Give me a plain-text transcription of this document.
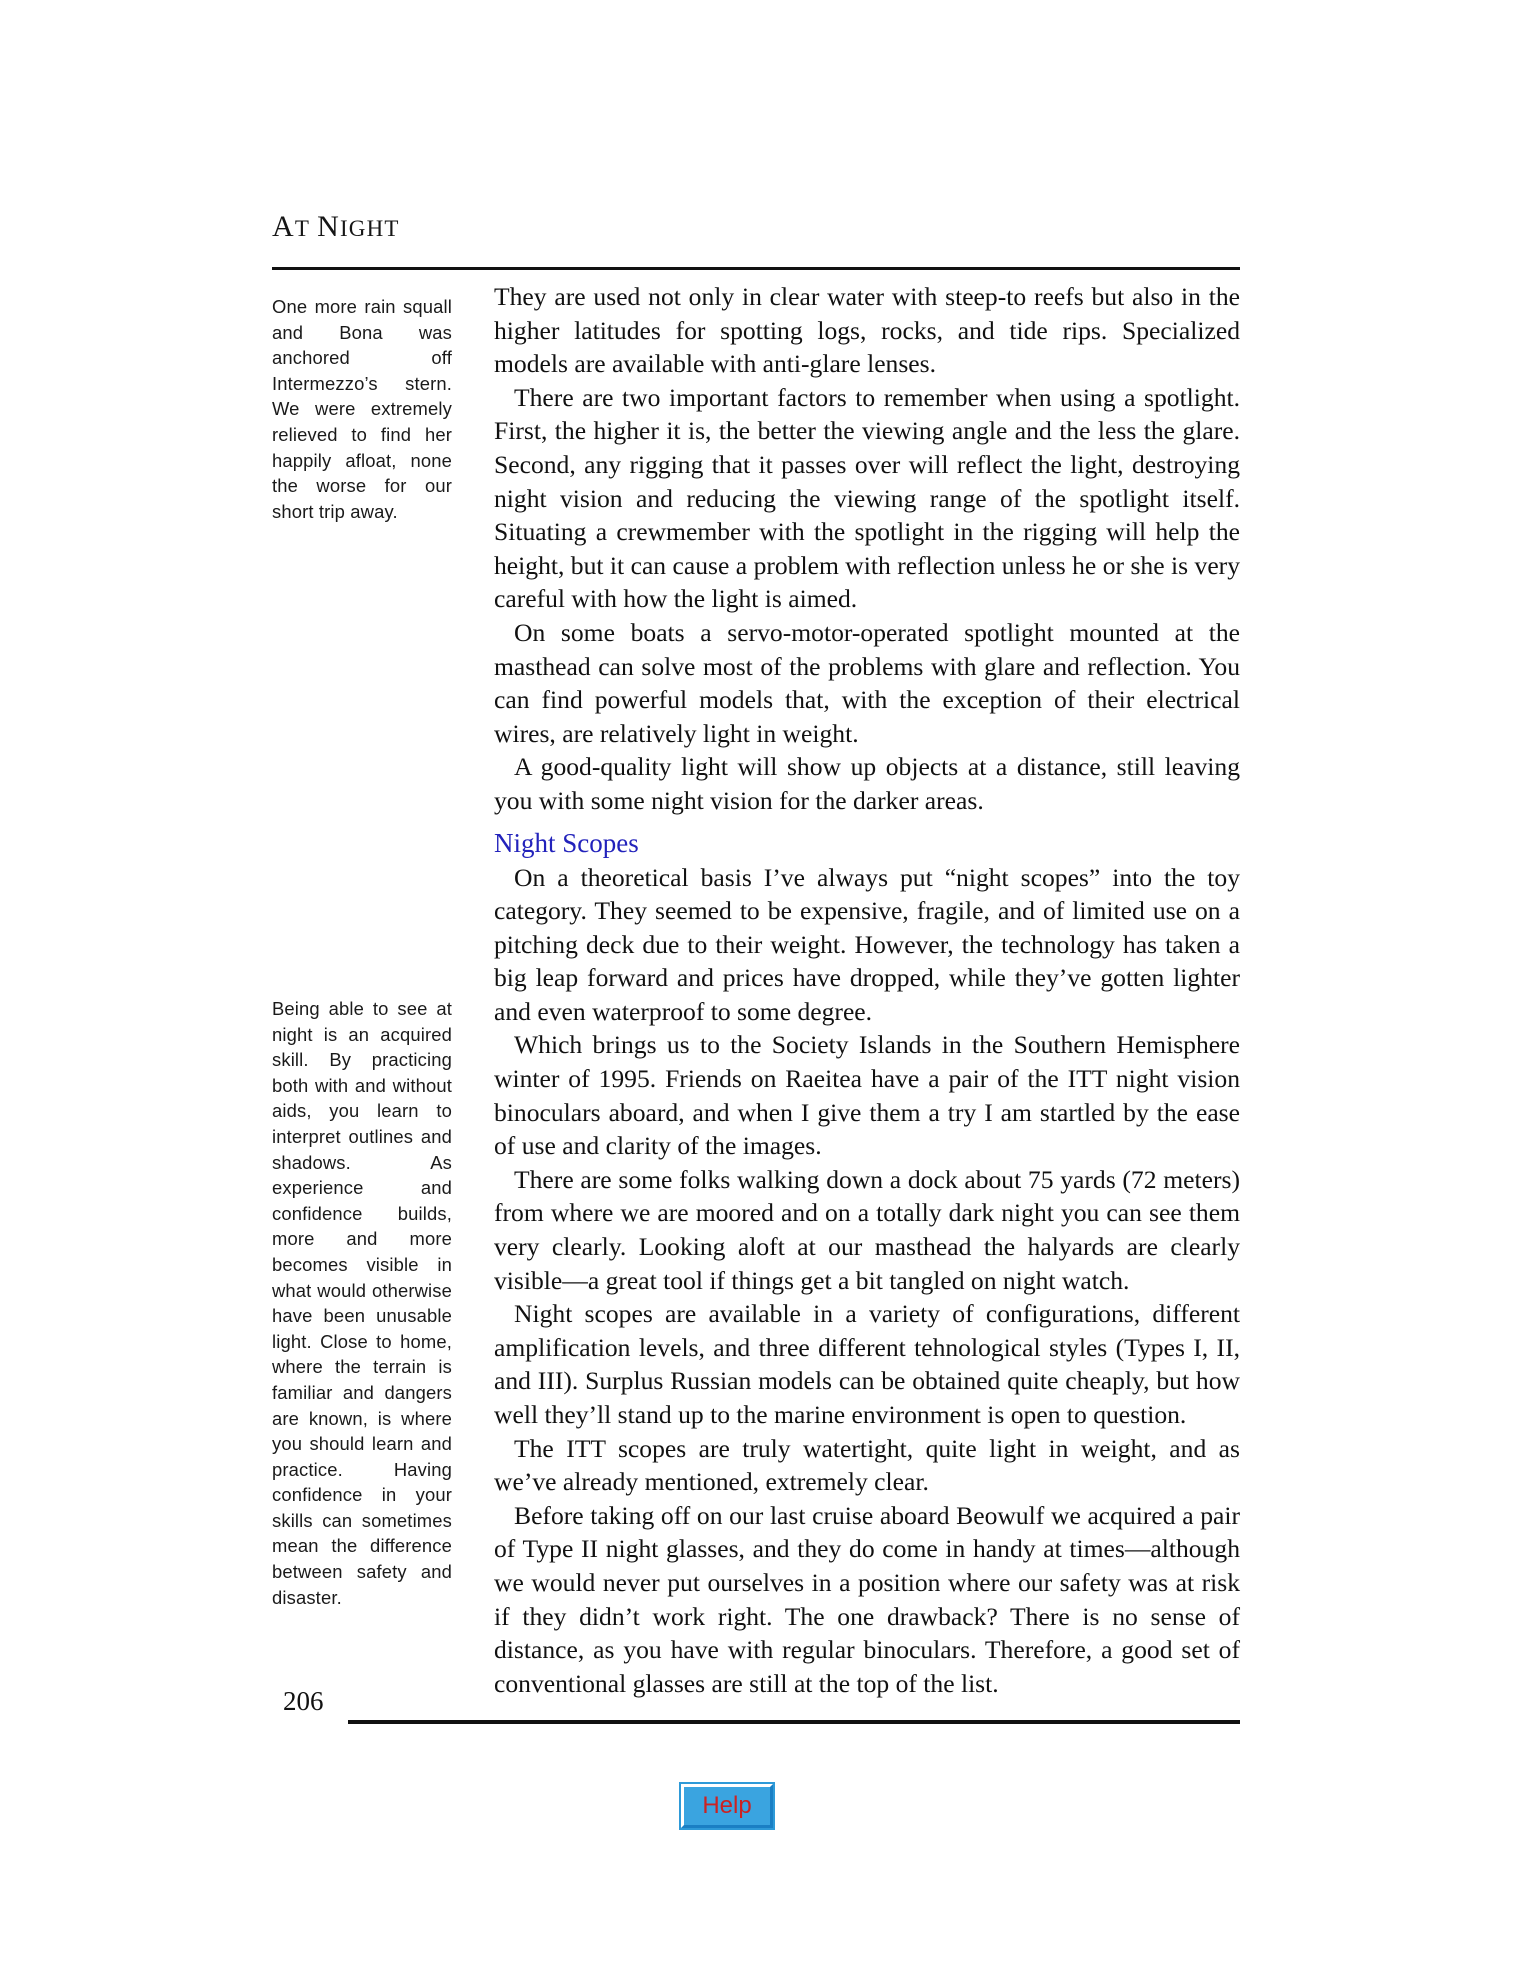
AT NIGHT

One more rain squall and Bona was anchored off Intermezzo’s stern. We were extremely relieved to find her happily afloat, none the worse for our short trip away.

Being able to see at night is an acquired skill. By practicing both with and without aids, you learn to interpret outlines and shadows. As experience and confidence builds, more and more becomes visible in what would otherwise have been unusable light. Close to home, where the terrain is familiar and dangers are known, is where you should learn and practice. Having confidence in your skills can sometimes mean the difference between safety and disaster.

They are used not only in clear water with steep-to reefs but also in the higher latitudes for spotting logs, rocks, and tide rips. Specialized models are available with anti-glare lenses.

There are two important factors to remember when using a spotlight. First, the higher it is, the better the viewing angle and the less the glare. Second, any rigging that it passes over will reflect the light, destroying night vision and reducing the viewing range of the spotlight itself. Situating a crewmember with the spotlight in the rigging will help the height, but it can cause a problem with reflection unless he or she is very careful with how the light is aimed.

On some boats a servo-motor-operated spotlight mounted at the masthead can solve most of the problems with glare and reflection. You can find powerful models that, with the exception of their electrical wires, are relatively light in weight.

A good-quality light will show up objects at a distance, still leaving you with some night vision for the darker areas.

Night Scopes

On a theoretical basis I’ve always put “night scopes” into the toy category. They seemed to be expensive, fragile, and of limited use on a pitching deck due to their weight. However, the technology has taken a big leap forward and prices have dropped, while they’ve gotten lighter and even waterproof to some degree.

Which brings us to the Society Islands in the Southern Hemisphere winter of 1995. Friends on Raeitea have a pair of the ITT night vision binoculars aboard, and when I give them a try I am startled by the ease of use and clarity of the images.

There are some folks walking down a dock about 75 yards (72 meters) from where we are moored and on a totally dark night you can see them very clearly. Looking aloft at our masthead the halyards are clearly visible—a great tool if things get a bit tangled on night watch.

Night scopes are available in a variety of configurations, different amplification levels, and three different tehnological styles (Types I, II, and III). Surplus Russian models can be obtained quite cheaply, but how well they’ll stand up to the marine environment is open to question.

The ITT scopes are truly watertight, quite light in weight, and as we’ve already mentioned, extremely clear.

Before taking off on our last cruise aboard Beowulf we acquired a pair of Type II night glasses, and they do come in handy at times—although we would never put ourselves in a position where our safety was at risk if they didn’t work right. The one drawback? There is no sense of distance, as you have with regular binoculars. Therefore, a good set of conventional glasses are still at the top of the list.

206
Help
